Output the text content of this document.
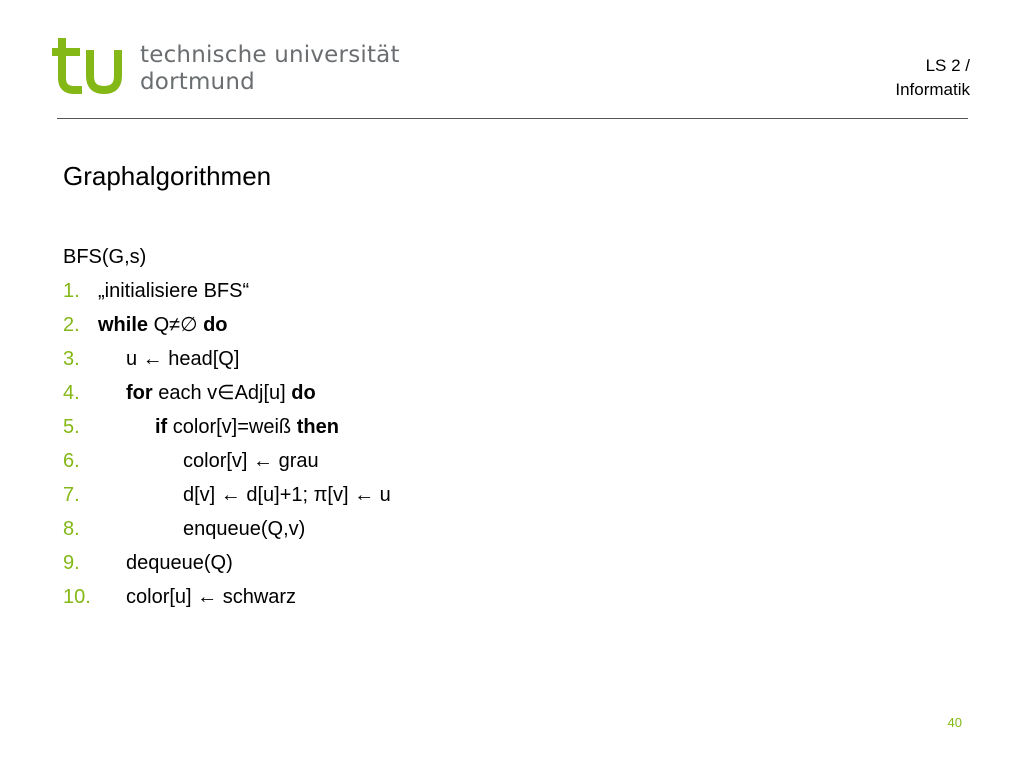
technische universität
dortmund
LS 2 /
Informatik
Graphalgorithmen
BFS(G,s)
1. „initialisiere BFS“
2. while Q≠∅ do
3. u ← head[Q]
4. for each v∈Adj[u] do
5.	if color[v]=weiß then
6.	color[v] ← grau
7.	d[v] ← d[u]+1; π[v] ← u
8.	enqueue(Q,v)
9. dequeue(Q)
10. color[u] ← schwarz
40
